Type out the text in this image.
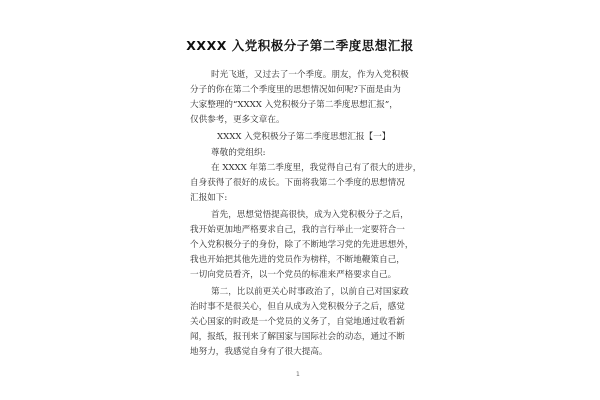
XXXX 入党积极分子第二季度思想汇报
时光飞逝，又过去了一个季度。朋友，作为入党积极
分子的你在第二个季度里的思想情况如何呢?下面是由为
大家整理的“XXXX 入党积极分子第二季度思想汇报”，
仅供参考，更多文章在。
XXXX 入党积极分子第二季度思想汇报【一】
尊敬的党组织:
在 XXXX 年第二季度里，我觉得自己有了很大的进步，
自身获得了很好的成长。下面将我第二个季度的思想情况
汇报如下:
首先，思想觉悟提高很快，成为入党积极分子之后，
我开始更加地严格要求自己，我的言行举止一定要符合一
个入党积极分子的身份，除了不断地学习党的先进思想外，
我也开始把其他先进的党员作为榜样，不断地鞭策自己，
一切向党员看齐，以一个党员的标准来严格要求自己。
第二，比以前更关心时事政治了，以前自己对国家政
治时事不是很关心，但自从成为入党积极分子之后，感觉
关心国家的时政是一个党员的义务了，自觉地通过收看新
闻，报纸，报刊来了解国家与国际社会的动态，通过不断
地努力，我感觉自身有了很大提高。
1
